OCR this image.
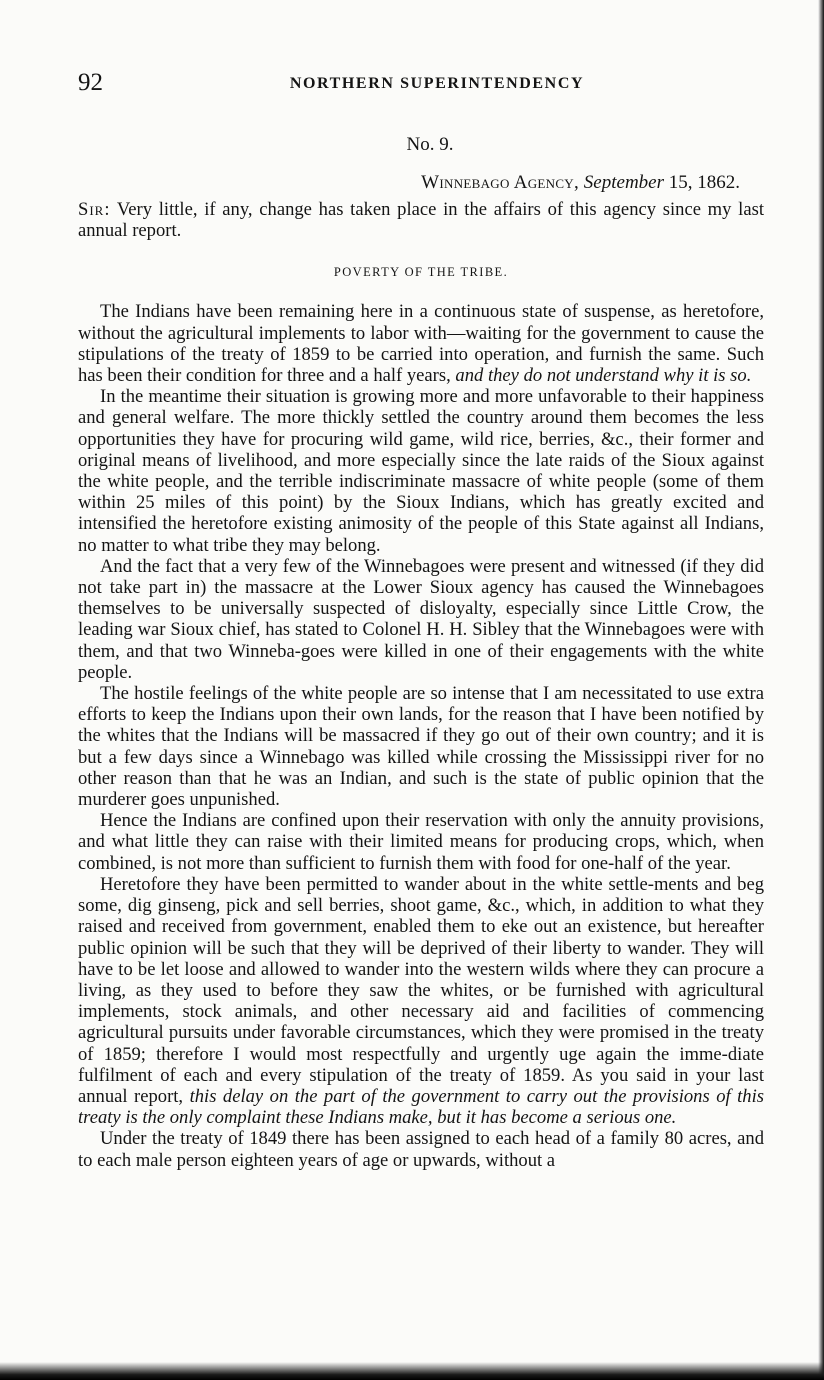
92	NORTHERN SUPERINTENDENCY
No. 9.
Winnebago Agency, September 15, 1862.

Sir: Very little, if any, change has taken place in the affairs of this agency since my last annual report.

POVERTY OF THE TRIBE.

The Indians have been remaining here in a continuous state of suspense, as heretofore, without the agricultural implements to labor with—waiting for the government to cause the stipulations of the treaty of 1859 to be carried into operation, and furnish the same. Such has been their condition for three and a half years, and they do not understand why it is so.

In the meantime their situation is growing more and more unfavorable to their happiness and general welfare. The more thickly settled the country around them becomes the less opportunities they have for procuring wild game, wild rice, berries, &c., their former and original means of livelihood, and more especially since the late raids of the Sioux against the white people, and the terrible indiscriminate massacre of white people (some of them within 25 miles of this point) by the Sioux Indians, which has greatly excited and intensified the heretofore existing animosity of the people of this State against all Indians, no matter to what tribe they may belong.

And the fact that a very few of the Winnebagoes were present and witnessed (if they did not take part in) the massacre at the Lower Sioux agency has caused the Winnebagoes themselves to be universally suspected of disloyalty, especially since Little Crow, the leading war Sioux chief, has stated to Colonel H. H. Sibley that the Winnebagoes were with them, and that two Winneba-goes were killed in one of their engagements with the white people.

The hostile feelings of the white people are so intense that I am necessitated to use extra efforts to keep the Indians upon their own lands, for the reason that I have been notified by the whites that the Indians will be massacred if they go out of their own country; and it is but a few days since a Winnebago was killed while crossing the Mississippi river for no other reason than that he was an Indian, and such is the state of public opinion that the murderer goes unpunished.

Hence the Indians are confined upon their reservation with only the annuity provisions, and what little they can raise with their limited means for producing crops, which, when combined, is not more than sufficient to furnish them with food for one-half of the year.

Heretofore they have been permitted to wander about in the white settle-ments and beg some, dig ginseng, pick and sell berries, shoot game, &c., which, in addition to what they raised and received from government, enabled them to eke out an existence, but hereafter public opinion will be such that they will be deprived of their liberty to wander. They will have to be let loose and allowed to wander into the western wilds where they can procure a living, as they used to before they saw the whites, or be furnished with agricultural implements, stock animals, and other necessary aid and facilities of commencing agricultural pursuits under favorable circumstances, which they were promised in the treaty of 1859; therefore I would most respectfully and urgently uge again the imme-diate fulfilment of each and every stipulation of the treaty of 1859. As you said in your last annual report, this delay on the part of the government to carry out the provisions of this treaty is the only complaint these Indians make, but it has become a serious one.

Under the treaty of 1849 there has been assigned to each head of a family 80 acres, and to each male person eighteen years of age or upwards, without a
